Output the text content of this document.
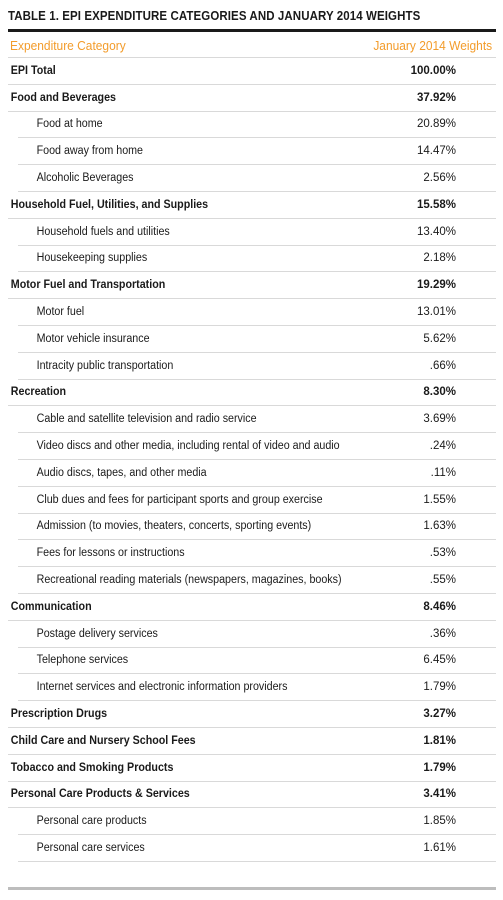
TABLE 1. EPI EXPENDITURE CATEGORIES AND JANUARY 2014 WEIGHTS
Expenditure Category	January 2014 Weights
EPI Total	100.00%
Food and Beverages	37.92%
Food at home	20.89%
Food away from home	14.47%
Alcoholic Beverages	2.56%
Household Fuel, Utilities, and Supplies	15.58%
Household fuels and utilities	13.40%
Housekeeping supplies	2.18%
Motor Fuel and Transportation	19.29%
Motor fuel	13.01%
Motor vehicle insurance	5.62%
Intracity public transportation	.66%
Recreation	8.30%
Cable and satellite television and radio service	3.69%
Video discs and other media, including rental of video and audio	.24%
Audio discs, tapes, and other media	.11%
Club dues and fees for participant sports and group exercise	1.55%
Admission (to movies, theaters, concerts, sporting events)	1.63%
Fees for lessons or instructions	.53%
Recreational reading materials (newspapers, magazines, books)	.55%
Communication	8.46%
Postage delivery services	.36%
Telephone services	6.45%
Internet services and electronic information providers	1.79%
Prescription Drugs	3.27%
Child Care and Nursery School Fees	1.81%
Tobacco and Smoking Products	1.79%
Personal Care Products & Services	3.41%
Personal care products	1.85%
Personal care services	1.61%
